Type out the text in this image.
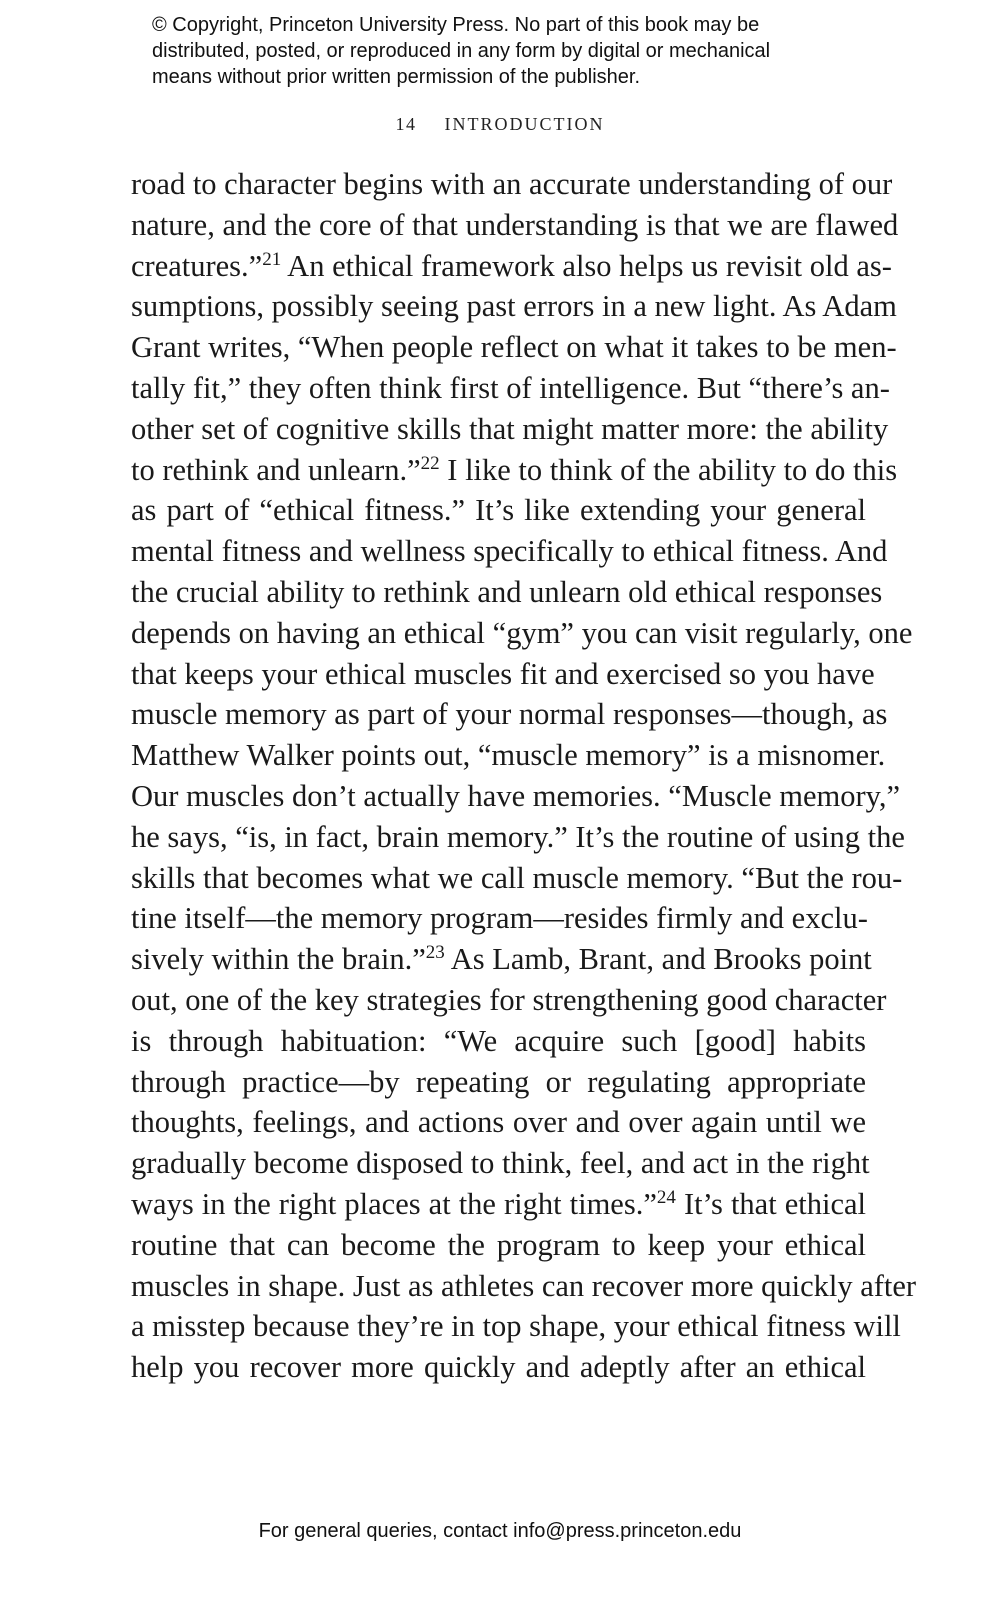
© Copyright, Princeton University Press. No part of this book may be
distributed, posted, or reproduced in any form by digital or mechanical
means without prior written permission of the publisher.
14 INTRODUCTION
road to character begins with an accurate understanding of our
nature, and the core of that understanding is that we are flawed
creatures.”$^{21}$ An ethical framework also helps us revisit old as-
sumptions, possibly seeing past errors in a new light. As Adam
Grant writes, “When people reflect on what it takes to be men-
tally fit,” they often think first of intelligence. But “there’s an-
other set of cognitive skills that might matter more: the ability
to rethink and unlearn.”$^{22}$ I like to think of the ability to do this
as part of “ethical fitness.” It’s like extending your general
mental fitness and wellness specifically to ethical fitness. And
the crucial ability to rethink and unlearn old ethical responses
depends on having an ethical “gym” you can visit regularly, one
that keeps your ethical muscles fit and exercised so you have
muscle memory as part of your normal responses—though, as
Matthew Walker points out, “muscle memory” is a misnomer.
Our muscles don’t actually have memories. “Muscle memory,”
he says, “is, in fact, brain memory.” It’s the routine of using the
skills that becomes what we call muscle memory. “But the rou-
tine itself—the memory program—resides firmly and exclu-
sively within the brain.”$^{23}$ As Lamb, Brant, and Brooks point
out, one of the key strategies for strengthening good character
is through habituation: “We acquire such [good] habits
through practice—by repeating or regulating appropriate
thoughts, feelings, and actions over and over again until we
gradually become disposed to think, feel, and act in the right
ways in the right places at the right times.”$^{24}$ It’s that ethical
routine that can become the program to keep your ethical
muscles in shape. Just as athletes can recover more quickly after
a misstep because they’re in top shape, your ethical fitness will
help you recover more quickly and adeptly after an ethical
For general queries, contact info@press.princeton.edu
